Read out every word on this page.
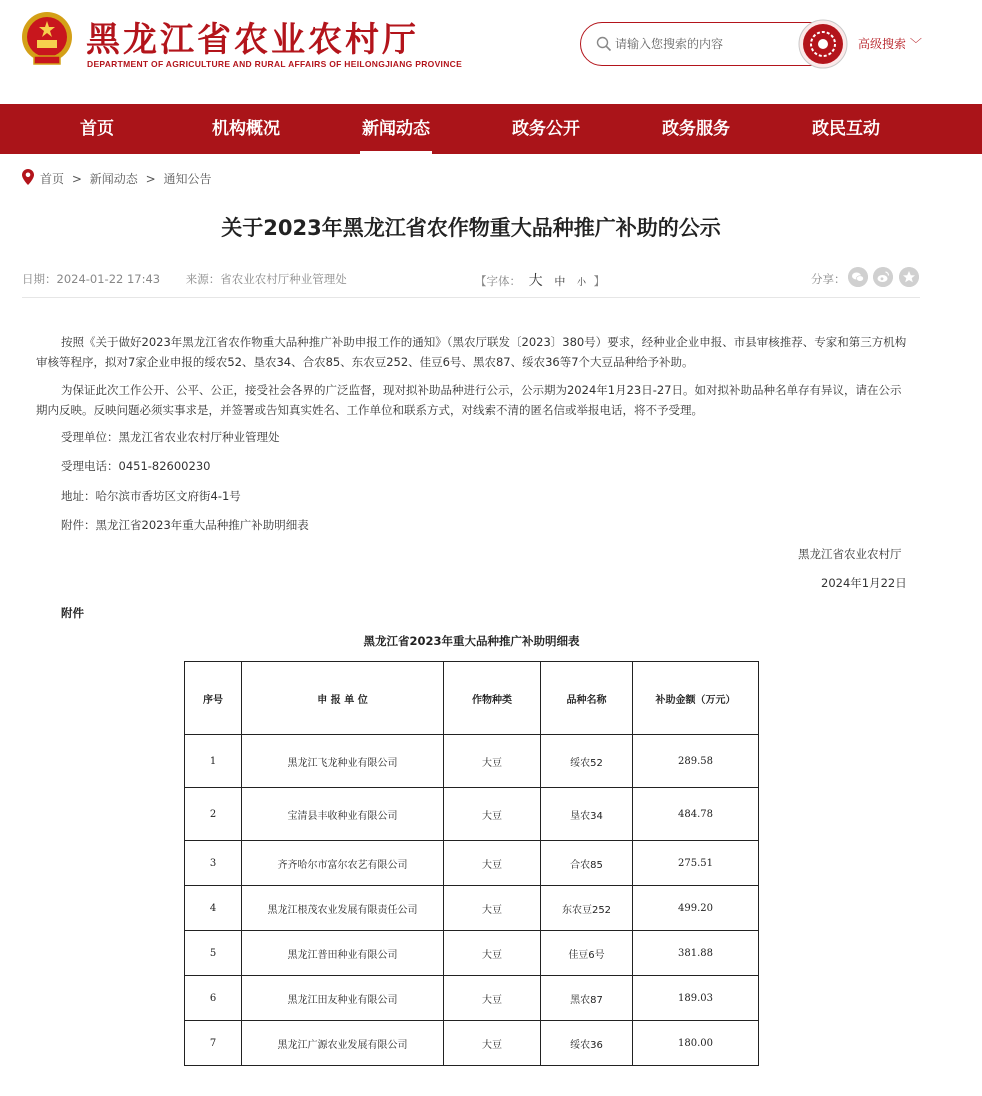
黑龙江省农业农村厅
DEPARTMENT OF AGRICULTURE AND RURAL AFFAIRS OF HEILONGJIANG PROVINCE
请输入您搜索的内容
高级搜索 ﹀
首页	机构概况	新闻动态	政务公开	政务服务	政民互动
首页 > 新闻动态 > 通知公告
关于2023年黑龙江省农作物重大品种推广补助的公示
日期：2024-01-22 17:43 来源：省农业农村厅种业管理处	【字体： 大 中 小 】	分享：
按照《关于做好2023年黑龙江省农作物重大品种推广补助申报工作的通知》（黑农厅联发〔2023〕380号）要求，经种业企业申报、市县审核推荐、专家和第三方机构审核等程序，拟对7家企业申报的绥农52、垦农34、合农85、东农豆252、佳豆6号、黑农87、绥农36等7个大豆品种给予补助。
为保证此次工作公开、公平、公正，接受社会各界的广泛监督，现对拟补助品种进行公示，公示期为2024年1月23日-27日。如对拟补助品种名单存有异议，请在公示期内反映。反映问题必须实事求是，并签署或告知真实姓名、工作单位和联系方式，对线索不清的匿名信或举报电话，将不予受理。
受理单位：黑龙江省农业农村厅种业管理处
受理电话：0451-82600230
地址：哈尔滨市香坊区文府街4-1号
附件：黑龙江省2023年重大品种推广补助明细表
黑龙江省农业农村厅
2024年1月22日
附件
黑龙江省2023年重大品种推广补助明细表
序号	申 报 单 位	作物种类	品种名称	补助金额（万元）
1	黑龙江飞龙种业有限公司	大豆	绥农52	289.58
2	宝清县丰收种业有限公司	大豆	垦农34	484.78
3	齐齐哈尔市富尔农艺有限公司	大豆	合农85	275.51
4	黑龙江根茂农业发展有限责任公司	大豆	东农豆252	499.20
5	黑龙江普田种业有限公司	大豆	佳豆6号	381.88
6	黑龙江田友种业有限公司	大豆	黑农87	189.03
7	黑龙江广源农业发展有限公司	大豆	绥农36	180.00
